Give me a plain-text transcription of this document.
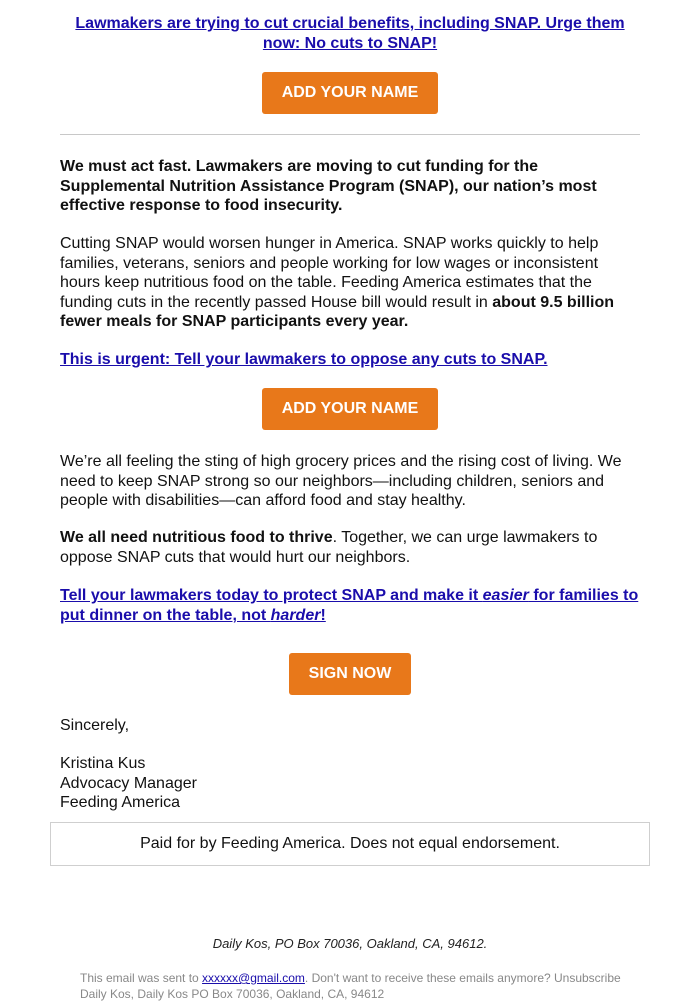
Lawmakers are trying to cut crucial benefits, including SNAP. Urge them now: No cuts to SNAP!
ADD YOUR NAME

We must act fast. Lawmakers are moving to cut funding for the Supplemental Nutrition Assistance Program (SNAP), our nation’s most effective response to food insecurity.

Cutting SNAP would worsen hunger in America. SNAP works quickly to help families, veterans, seniors and people working for low wages or inconsistent hours keep nutritious food on the table. Feeding America estimates that the funding cuts in the recently passed House bill would result in about 9.5 billion fewer meals for SNAP participants every year.

This is urgent: Tell your lawmakers to oppose any cuts to SNAP.

ADD YOUR NAME

We’re all feeling the sting of high grocery prices and the rising cost of living. We need to keep SNAP strong so our neighbors—including children, seniors and people with disabilities—can afford food and stay healthy.

We all need nutritious food to thrive. Together, we can urge lawmakers to oppose SNAP cuts that would hurt our neighbors.

Tell your lawmakers today to protect SNAP and make it easier for families to put dinner on the table, not harder!

SIGN NOW

Sincerely,

Kristina Kus

Advocacy Manager

Feeding America

Paid for by Feeding America. Does not equal endorsement.
Daily Kos, PO Box 70036, Oakland, CA, 94612.
This email was sent to xxxxxx@gmail.com. Don't want to receive these emails anymore? Unsubscribe
Daily Kos, Daily Kos PO Box 70036, Oakland, CA, 94612
